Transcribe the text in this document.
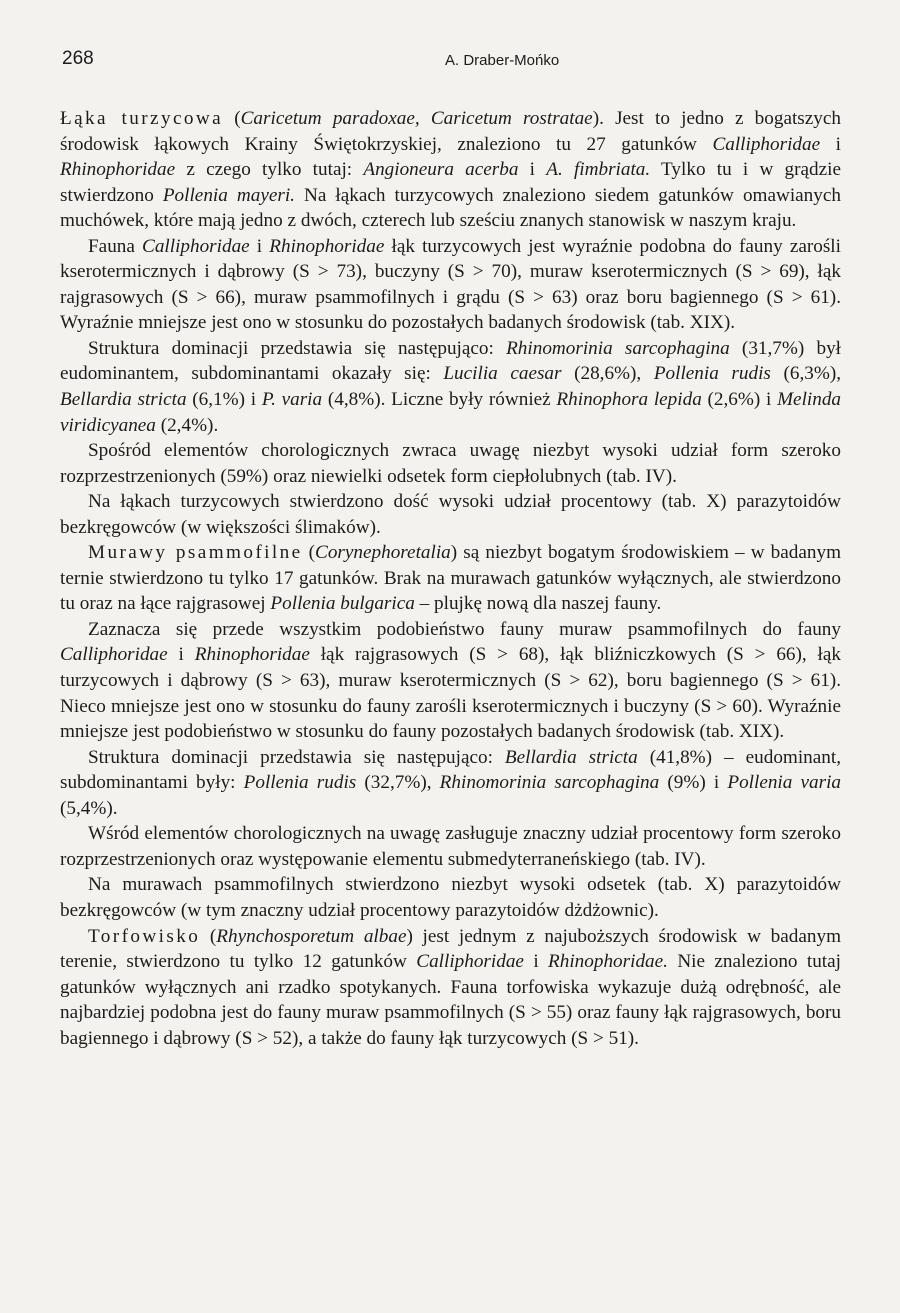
268	A. Draber-Mońko

Łąka turzycowa (Caricetum paradoxae, Caricetum rostratae). Jest to jedno z bogatszych środowisk łąkowych Krainy Świętokrzyskiej, znaleziono tu 27 gatunków Calliphoridae i Rhinophoridae z czego tylko tutaj: Angioneura acerba i A. fimbriata. Tylko tu i w grądzie stwierdzono Pollenia mayeri. Na łąkach turzycowych znaleziono siedem gatunków omawianych muchówek, które mają jedno z dwóch, czterech lub sześciu znanych stanowisk w naszym kraju.

Fauna Calliphoridae i Rhinophoridae łąk turzycowych jest wyraźnie podobna do fauny zarośli kserotermicznych i dąbrowy (S > 73), buczyny (S > 70), muraw kserotermicznych (S > 69), łąk rajgrasowych (S > 66), muraw psammofilnych i grądu (S > 63) oraz boru bagiennego (S > 61). Wyraźnie mniejsze jest ono w stosunku do pozostałych badanych środowisk (tab. XIX).

Struktura dominacji przedstawia się następująco: Rhinomorinia sarcophagina (31,7%) był eudominantem, subdominantami okazały się: Lucilia caesar (28,6%), Pollenia rudis (6,3%), Bellardia stricta (6,1%) i P. varia (4,8%). Liczne były również Rhinophora lepida (2,6%) i Melinda viridicyanea (2,4%).

Spośród elementów chorologicznych zwraca uwagę niezbyt wysoki udział form szeroko rozprzestrzenionych (59%) oraz niewielki odsetek form ciepłolubnych (tab. IV).

Na łąkach turzycowych stwierdzono dość wysoki udział procentowy (tab. X) parazytoidów bezkręgowców (w większości ślimaków).

Murawy psammofilne (Corynephoretalia) są niezbyt bogatym środowiskiem – w badanym ternie stwierdzono tu tylko 17 gatunków. Brak na murawach gatunków wyłącznych, ale stwierdzono tu oraz na łące rajgrasowej Pollenia bulgarica – plujkę nową dla naszej fauny.

Zaznacza się przede wszystkim podobieństwo fauny muraw psammofilnych do fauny Calliphoridae i Rhinophoridae łąk rajgrasowych (S > 68), łąk bliźniczkowych (S > 66), łąk turzycowych i dąbrowy (S > 63), muraw kserotermicznych (S > 62), boru bagiennego (S > 61). Nieco mniejsze jest ono w stosunku do fauny zarośli kserotermicznych i buczyny (S > 60). Wyraźnie mniejsze jest podobieństwo w stosunku do fauny pozostałych badanych środowisk (tab. XIX).

Struktura dominacji przedstawia się następująco: Bellardia stricta (41,8%) – eudominant, subdominantami były: Pollenia rudis (32,7%), Rhinomorinia sarcophagina (9%) i Pollenia varia (5,4%).

Wśród elementów chorologicznych na uwagę zasługuje znaczny udział procentowy form szeroko rozprzestrzenionych oraz występowanie elementu submedyterraneńskiego (tab. IV).

Na murawach psammofilnych stwierdzono niezbyt wysoki odsetek (tab. X) parazytoidów bezkręgowców (w tym znaczny udział procentowy parazytoidów dżdżownic).

Torfowisko (Rhynchosporetum albae) jest jednym z najuboższych środowisk w badanym terenie, stwierdzono tu tylko 12 gatunków Calliphoridae i Rhinophoridae. Nie znaleziono tutaj gatunków wyłącznych ani rzadko spotykanych. Fauna torfowiska wykazuje dużą odrębność, ale najbardziej podobna jest do fauny muraw psammofilnych (S > 55) oraz fauny łąk rajgrasowych, boru bagiennego i dąbrowy (S > 52), a także do fauny łąk turzycowych (S > 51).
